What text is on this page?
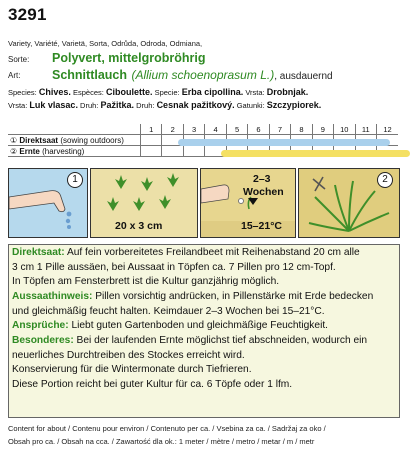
3291
Variety, Variété, Varietä, Sorta, Odrůda, Odroda, Odmiana,
Sorte: Polyvert, mittelgrobröhrig
Art:	Schnittlauch (Allium schoenoprasum L.), ausdauernd
Species: Chives. Espèces: Ciboulette. Specie: Erba cipollina. Vrsta: Drobnjak.
Vrsta: Luk vlasac. Druh: Pažitka. Druh: Cesnak pažitkový. Gatunki: Szczypiorek.
	1	2	3	4	5	6	7	8	9	10	11	12
① Direktsaat (sowing outdoors)												
② Ernte (harvesting)												
1
20 x 3 cm
2–3
Wochen
15–21°C
2
Direktsaat: Auf fein vorbereitetes Freilandbeet mit Reihenabstand 20 cm alle
3 cm 1 Pille aussäen, bei Aussaat in Töpfen ca. 7 Pillen pro 12 cm-Topf.
In Töpfen am Fensterbrett ist die Kultur ganzjährig möglich.
Aussaathinweis: Pillen vorsichtig andrücken, in Pillenstärke mit Erde bedecken
und gleichmäßig feucht halten. Keimdauer 2–3 Wochen bei 15–21°C.
Ansprüche: Liebt guten Gartenboden und gleichmäßige Feuchtigkeit.
Besonderes: Bei der laufenden Ernte möglichst tief abschneiden, wodurch ein
neuerliches Durchtreiben des Stockes erreicht wird.
Konservierung für die Wintermonate durch Tiefrieren.
Diese Portion reicht bei guter Kultur für ca. 6 Töpfe oder 1 lfm.
Content for about / Contenu pour environ / Contenuto per ca. / Vsebina za ca. / Sadržaj za oko /
Obsah pro ca. / Obsah na cca. / Zawartość dla ok.: 1 meter / mètre / metro / metar / m / metr
